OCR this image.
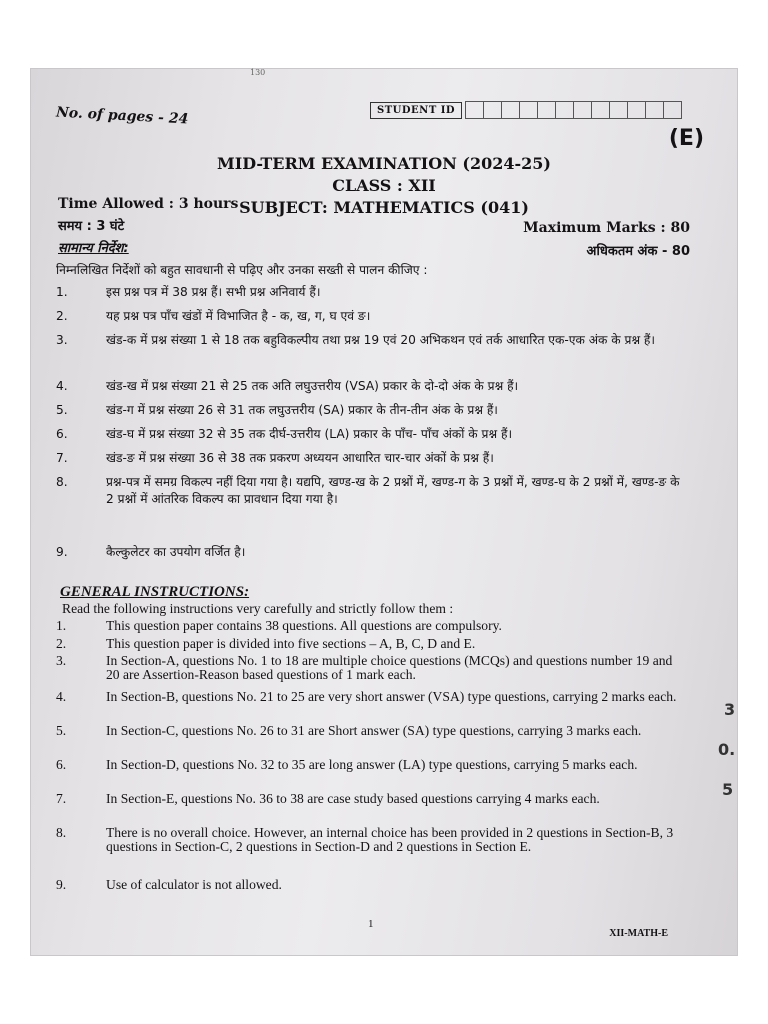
130
No. of pages - 24	STUDENT ID
(E)
MID-TERM EXAMINATION (2024-25)
CLASS : XII
SUBJECT: MATHEMATICS (041)
Time Allowed : 3 hours
समय : 3 घंटे	Maximum Marks : 80
अधिकतम अंक - 80
सामान्य निर्देश:
निम्नलिखित निर्देशों को बहुत सावधानी से पढ़िए और उनका सख्ती से पालन कीजिए :
1.	इस प्रश्न पत्र में 38 प्रश्न हैं। सभी प्रश्न अनिवार्य हैं।
2.	यह प्रश्न पत्र पाँच खंडों में विभाजित है - क, ख, ग, घ एवं ङ।
3.	खंड-क में प्रश्न संख्या 1 से 18 तक बहुविकल्पीय तथा प्रश्न 19 एवं 20 अभिकथन एवं तर्क आधारित एक-एक अंक के प्रश्न हैं।
4.	खंड-ख में प्रश्न संख्या 21 से 25 तक अति लघुउत्तरीय (VSA) प्रकार के दो-दो अंक के प्रश्न हैं।
5.	खंड-ग में प्रश्न संख्या 26 से 31 तक लघुउत्तरीय (SA) प्रकार के तीन-तीन अंक के प्रश्न हैं।
6.	खंड-घ में प्रश्न संख्या 32 से 35 तक दीर्घ-उत्तरीय (LA) प्रकार के पाँच- पाँच अंकों के प्रश्न हैं।
7.	खंड-ङ में प्रश्न संख्या 36 से 38 तक प्रकरण अध्ययन आधारित चार-चार अंकों के प्रश्न हैं।
8.	प्रश्न-पत्र में समग्र विकल्प नहीं दिया गया है। यद्यपि, खण्ड-ख के 2 प्रश्नों में, खण्ड-ग के 3 प्रश्नों में, खण्ड-घ के 2 प्रश्नों में, खण्ड-ङ के 2 प्रश्नों में आंतरिक विकल्प का प्रावधान दिया गया है।
9.	कैल्कुलेटर का उपयोग वर्जित है।
GENERAL INSTRUCTIONS:
Read the following instructions very carefully and strictly follow them :
1.	This question paper contains 38 questions. All questions are compulsory.
2.	This question paper is divided into five sections – A, B, C, D and E.
3.	In Section-A, questions No. 1 to 18 are multiple choice questions (MCQs) and questions number 19 and 20 are Assertion-Reason based questions of 1 mark each.
4.	In Section-B, questions No. 21 to 25 are very short answer (VSA) type questions, carrying 2 marks each.
5.	In Section-C, questions No. 26 to 31 are Short answer (SA) type questions, carrying 3 marks each.
6.	In Section-D, questions No. 32 to 35 are long answer (LA) type questions, carrying 5 marks each.
7.	In Section-E, questions No. 36 to 38 are case study based questions carrying 4 marks each.
8.	There is no overall choice. However, an internal choice has been provided in 2 questions in Section-B, 3 questions in Section-C, 2 questions in Section-D and 2 questions in Section E.
9.	Use of calculator is not allowed.
1
XII-MATH-E
3
0.
5
